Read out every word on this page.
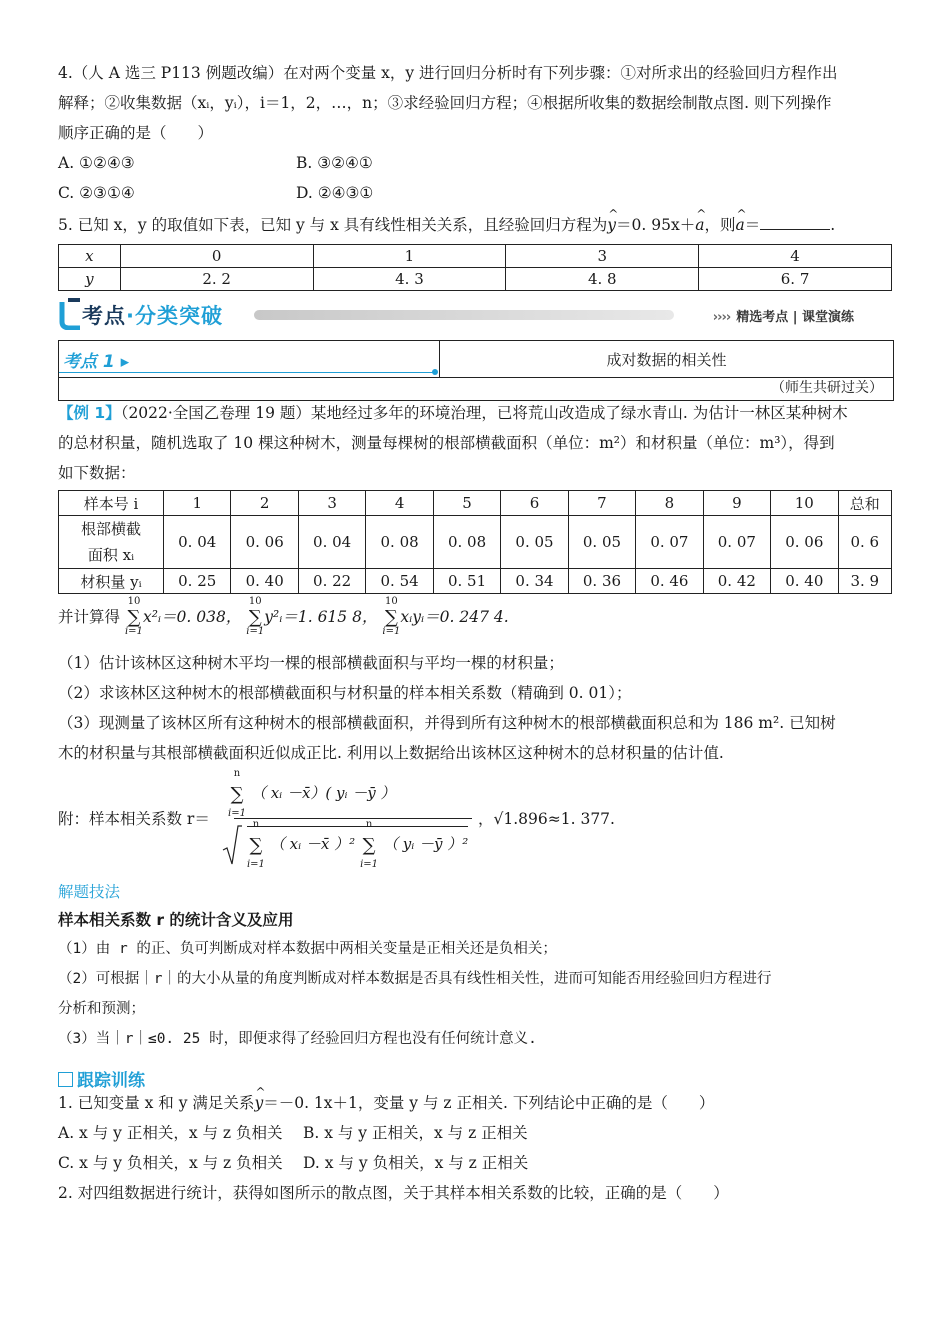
4.（人 A 选三 P113 例题改编）在对两个变量 x，y 进行回归分析时有下列步骤：①对所求出的经验回归方程作出
解释；②收集数据（xᵢ，yᵢ），i＝1，2，…，n；③求经验回归方程；④根据所收集的数据绘制散点图. 则下列操作
顺序正确的是（　　）
A. ①②④③	B. ③②④①
C. ②③①④	D. ②④③①
5. 已知 x，y 的取值如下表，已知 y 与 x 具有线性相关关系，且经验回归方程为^ y＝0. 95x＋^ a，则^ a＝	.
x	0	1	3	4
y	2. 2	4. 3	4. 8	6. 7
考点·分类突破	›››› 精选考点 | 课堂演练
考点 1 ▸	成对数据的相关性
（师生共研过关）
【例 1】（2022·全国乙卷理 19 题）某地经过多年的环境治理，已将荒山改造成了绿水青山. 为估计一林区某种树木
的总材积量，随机选取了 10 棵这种树木，测量每棵树的根部横截面积（单位：m²）和材积量（单位：m³），得到
如下数据：
样本号 i	1	2	3	4	5	6	7	8	9	10	总和

根部横截
面积 xᵢ	0. 04	0. 06	0. 04	0. 08	0. 08	0. 05	0. 05	0. 07	0. 07	0. 06	0. 6
材积量 yᵢ	0. 25	0. 40	0. 22	0. 54	0. 51	0. 34	0. 36	0. 46	0. 42	0. 40	3. 9
并计算得 ∑
10
i=1
x²ᵢ＝0. 038， ∑
10
i=1
y²ᵢ＝1. 615 8， ∑
10
i=1
xᵢyᵢ＝0. 247 4.
（1）估计该林区这种树木平均一棵的根部横截面积与平均一棵的材积量；
（2）求该林区这种树木的根部横截面积与材积量的样本相关系数（精确到 0. 01）；
（3）现测量了该林区所有这种树木的根部横截面积，并得到所有这种树木的根部横截面积总和为 186 m². 已知树
木的材积量与其根部横截面积近似成正比. 利用以上数据给出该林区这种树木的总材积量的估计值.
附：样本相关系数 r＝
∑
n
i=1
（ xᵢ －x̄）( yᵢ －ȳ ）
∑
n
i=1
（ xᵢ －x̄ ）² ∑
n
i=1
（ yᵢ －ȳ ）²
，√1.896≈1. 377.
解题技法
样本相关系数 r 的统计含义及应用
（1）由 r 的正、负可判断成对样本数据中两相关变量是正相关还是负相关；
（2）可根据｜r｜的大小从量的角度判断成对样本数据是否具有线性相关性，进而可知能否用经验回归方程进行
分析和预测；
（3）当｜r｜≤0. 25 时，即便求得了经验回归方程也没有任何统计意义.
跟踪训练
1. 已知变量 x 和 y 满足关系^ y＝－0. 1x＋1，变量 y 与 z 正相关. 下列结论中正确的是（　　）
A. x 与 y 正相关，x 与 z 负相关　 B. x 与 y 正相关，x 与 z 正相关
C. x 与 y 负相关，x 与 z 负相关　 D. x 与 y 负相关，x 与 z 正相关
2. 对四组数据进行统计，获得如图所示的散点图，关于其样本相关系数的比较，正确的是（　　）
